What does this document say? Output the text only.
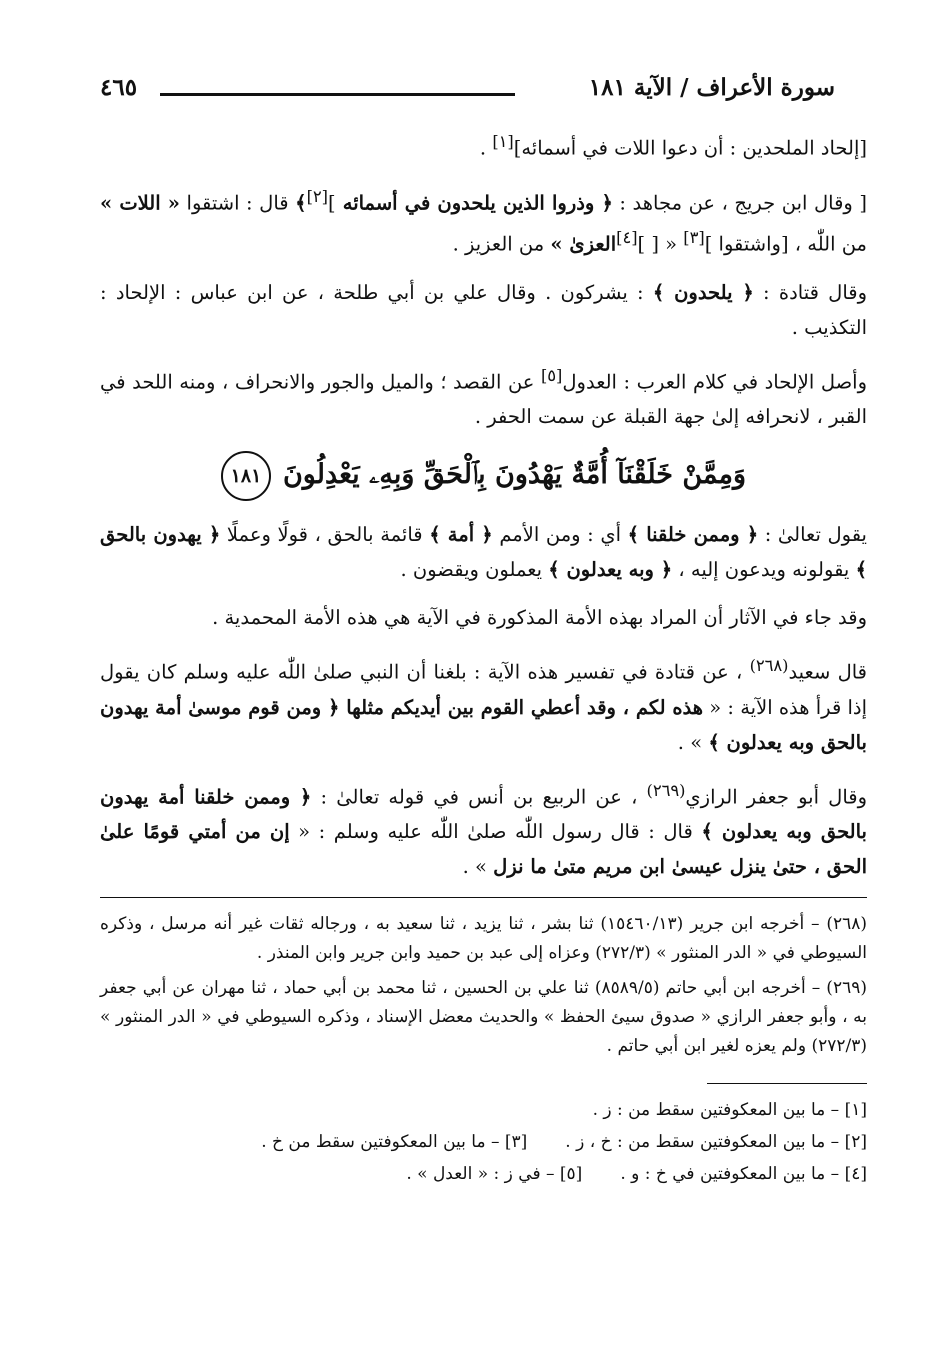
سورة الأعراف / الآية ١٨١
٤٦٥

[إلحاد الملحدين : أن دعوا اللات في أسمائه][١] .

[ وقال ابن جريج ، عن مجاهد : ﴿ وذروا الذين يلحدون في أسمائه ][٢]﴾ قال : اشتقوا « اللات » من اللّٰه ، [واشتقوا ][٣] « [ ][٤]العزىٰ » من العزيز .

وقال قتادة : ﴿ يلحدون ﴾ : يشركون . وقال علي بن أبي طلحة ، عن ابن عباس : الإلحاد : التكذيب .

وأصل الإلحاد في كلام العرب : العدول[٥] عن القصد ؛ والميل والجور والانحراف ، ومنه اللحد في القبر ، لانحرافه إلىٰ جهة القبلة عن سمت الحفر .

وَمِمَّنْ خَلَقْنَآ أُمَّةٌ يَهْدُونَ بِٱلْحَقِّ وَبِهِۦ يَعْدِلُونَ١٨١

يقول تعالىٰ : ﴿ وممن خلقنا ﴾ أي : ومن الأمم ﴿ أمة ﴾ قائمة بالحق ، قولًا وعملًا ﴿ يهدون بالحق ﴾ يقولونه ويدعون إليه ، ﴿ وبه يعدلون ﴾ يعملون ويقضون .

وقد جاء في الآثار أن المراد بهذه الأمة المذكورة في الآية هي هذه الأمة المحمدية .

قال سعيد$^{(٢٦٨)}$ ، عن قتادة في تفسير هذه الآية : بلغنا أن النبي صلىٰ اللّٰه عليه وسلم كان يقول إذا قرأ هذه الآية : « هذه لكم ، وقد أعطي القوم بين أيديكم مثلها ﴿ ومن قوم موسىٰ أمة يهدون بالحق وبه يعدلون ﴾ » .

وقال أبو جعفر الرازي$^{(٢٦٩)}$ ، عن الربيع بن أنس في قوله تعالىٰ : ﴿ وممن خلقنا أمة يهدون بالحق وبه يعدلون ﴾ قال : قال رسول اللّٰه صلىٰ اللّٰه عليه وسلم : « إن من أمتي قومًا علىٰ الحق ، حتىٰ ينزل عيسىٰ ابن مريم متىٰ ما نزل » .

(٢٦٨) – أخرجه ابن جرير (١٥٤٦٠/١٣) ثنا بشر ، ثنا يزيد ، ثنا سعيد به ، ورجاله ثقات غير أنه مرسل ، وذكره السيوطي في « الدر المنثور » (٢٧٢/٣) وعزاه إلى عبد بن حميد وابن جرير وابن المنذر .

(٢٦٩) – أخرجه ابن أبي حاتم (٨٥٨٩/٥) ثنا علي بن الحسين ، ثنا محمد بن أبي حماد ، ثنا مهران عن أبي جعفر به ، وأبو جعفر الرازي « صدوق سيئ الحفظ » والحديث معضل الإسناد ، وذكره السيوطي في « الدر المنثور » (٢٧٢/٣) ولم يعزه لغير ابن أبي حاتم .

[١] – ما بين المعكوفتين سقط من : ز .
[٢] – ما بين المعكوفتين سقط من : خ ، ز .[٣] – ما بين المعكوفتين سقط من خ .
[٤] – ما بين المعكوفتين في خ : و .[٥] – في ز : « العدل » .
